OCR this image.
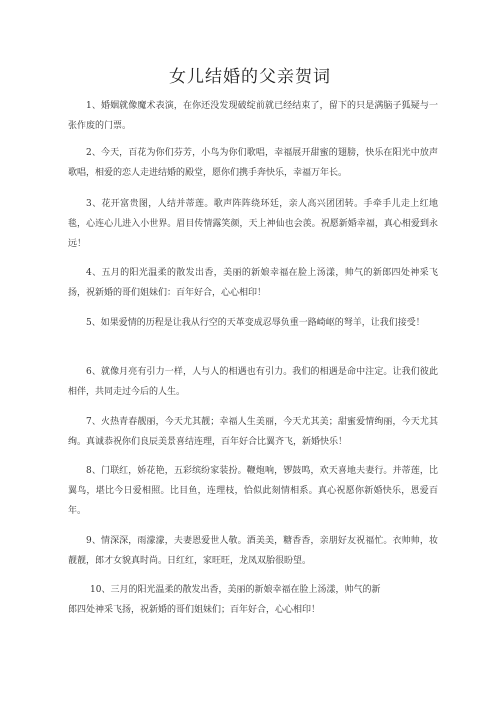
女儿结婚的父亲贺词

1、婚姻就像魔术表演，在你还没发现破绽前就已经结束了，留下的只是满脑子狐疑与一张作废的门票。

2、今天，百花为你们芬芳，小鸟为你们歌唱，幸福展开甜蜜的翅膀，快乐在阳光中放声歌唱，相爱的恋人走进结婚的殿堂，愿你们携手奔快乐，幸福万年长。

3、花开富贵图，人结并蒂莲。歌声阵阵绕环廷，亲人高兴团团转。手牵手儿走上红地毯，心连心儿进入小世界。眉目传情露笑颜，天上神仙也会羡。祝愿新婚幸福，真心相爱到永远！

4、五月的阳光温柔的散发出香，美丽的新娘幸福在脸上汤漾，帅气的新郎四处神采飞扬，祝新婚的哥们姐妹们：百年好合，心心相印！

5、如果爱情的历程是让我从行空的天革变成忍辱负重一路崎岖的弩羊，让我们接受！

6、就像月亮有引力一样，人与人的相遇也有引力。我们的相遇是命中注定。让我们彼此相伴，共同走过今后的人生。

7、火热青春靓丽，今天尤其靓；幸福人生美丽，今天尤其美；甜蜜爱情绚丽，今天尤其绚。真诚恭祝你们良辰美景喜结连理，百年好合比翼齐飞，新婚快乐！

8、门联红，娇花艳，五彩缤纷家装扮。鞭炮响，锣鼓鸣，欢天喜地夫妻行。并蒂莲，比翼鸟，堪比今日爱相照。比目鱼，连理枝，恰似此刻情相系。真心祝愿你新婚快乐，恩爱百年。

9、情深深，雨濛濛，夫妻恩爱世人敬。酒美美，糖香香，亲朋好友祝福忙。衣帅帅，妆靓靓，郎才女貌真时尚。日红红，家旺旺，龙凤双胎很盼望。

10、三月的阳光温柔的散发出香，美丽的新娘幸福在脸上汤漾，帅气的新
郎四处神采飞扬，祝新婚的哥们姐妹们；百年好合，心心相印！
